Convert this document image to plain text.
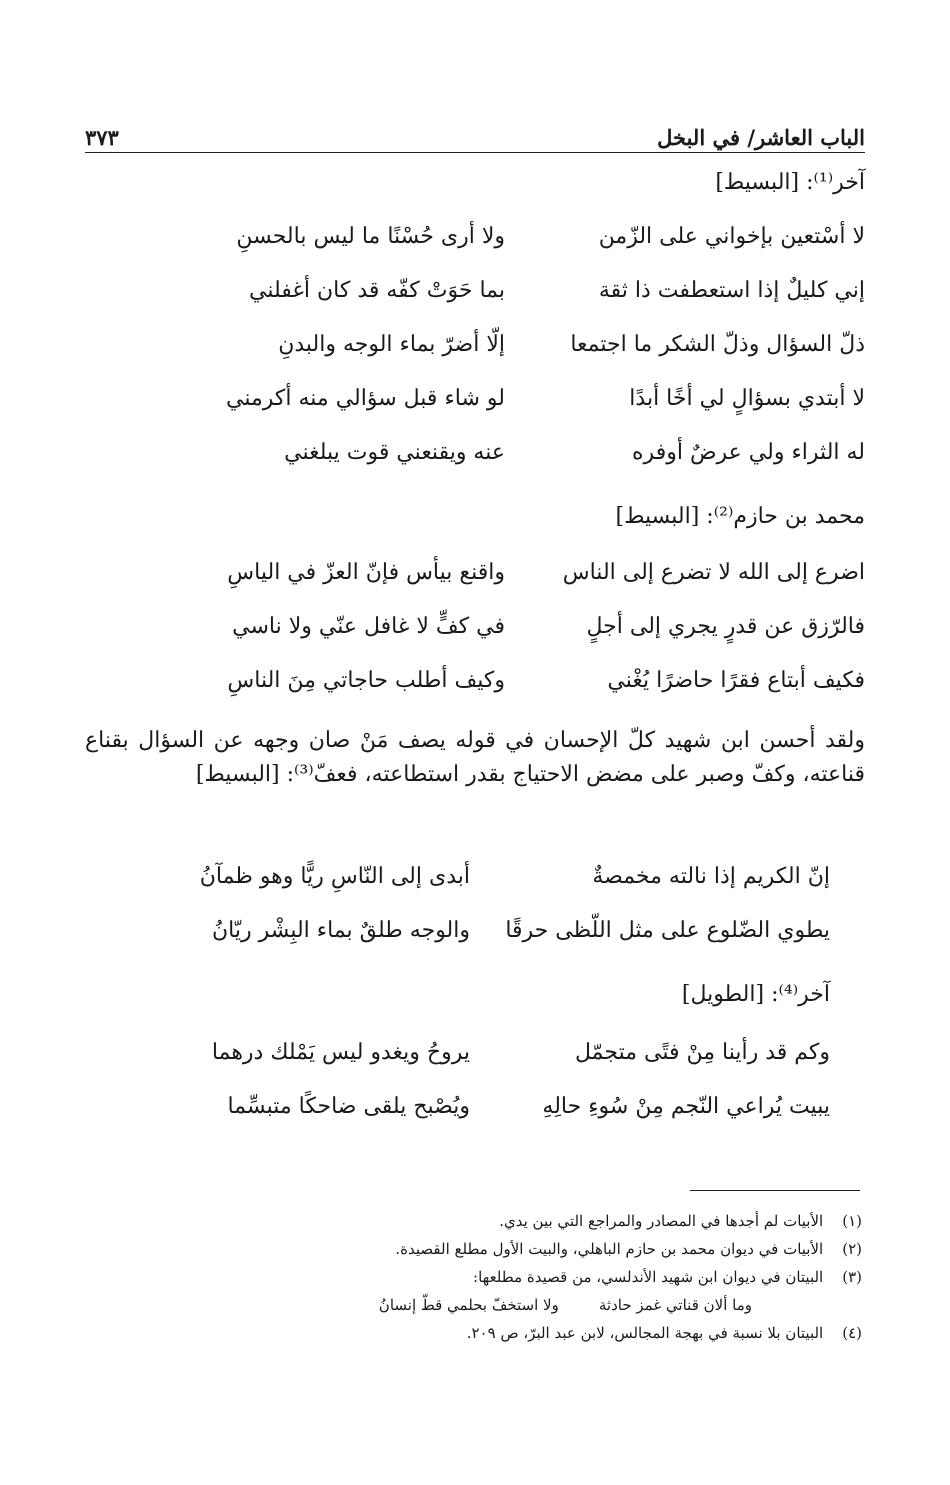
الباب العاشر/ في البخل
٣٧٣
آخر⁽¹⁾: [البسيط]
لا أسْتعين بإخواني على الزّمن
ولا أرى حُسْنًا ما ليس بالحسنِ
إني كليلٌ إذا استعطفت ذا ثقة
بما حَوَتْ كفّه قد كان أغفلني
ذلّ السؤال وذلّ الشكر ما اجتمعا
إلّا أضرّ بماء الوجه والبدنِ
لا أبتدي بسؤالٍ لي أخًا أبدًا
لو شاء قبل سؤالي منه أكرمني
له الثراء ولي عرضٌ أوفره
عنه ويقنعني قوت يبلغني
محمد بن حازم⁽²⁾: [البسيط]
اضرع إلى الله لا تضرع إلى الناس
واقنع بيأس فإنّ العزّ في الياسِ
فالرّزق عن قدرٍ يجري إلى أجلٍ
في كفٍّ لا غافل عنّي ولا ناسي
فكيف أبتاع فقرًا حاضرًا يُغْني
وكيف أطلب حاجاتي مِنَ الناسِ
ولقد أحسن ابن شهيد كلّ الإحسان في قوله يصف مَنْ صان وجهه عن السؤال بقناع قناعته، وكفّ وصبر على مضض الاحتياج بقدر استطاعته، فعفّ⁽³⁾: [البسيط]
إنّ الكريم إذا نالته مخمصةٌ
أبدى إلى النّاسِ ريًّا وهو ظمآنُ
يطوي الضّلوع على مثل اللّظى حرقًا
والوجه طلقٌ بماء البِشْر ريّانُ
آخر⁽⁴⁾: [الطويل]
وكم قد رأينا مِنْ فتًى متجمّل
يروحُ ويغدو ليس يَمْلك درهما
يبيت يُراعي النّجم مِنْ سُوءِ حالِهِ
ويُصْبح يلقى ضاحكًا متبسِّما
(١) الأبيات لم أجدها في المصادر والمراجع التي بين يدي.
(٢) الأبيات في ديوان محمد بن حازم الباهلي، والبيت الأول مطلع القصيدة.
(٣) البيتان في ديوان ابن شهيد الأندلسي، من قصيدة مطلعها:
وما ألان قناتي غمز حادثة
ولا استخفّ بحلمي قطّ إنسانُ
(٤) البيتان بلا نسبة في بهجة المجالس، لابن عبد البرّ، ص ٢٠٩.
